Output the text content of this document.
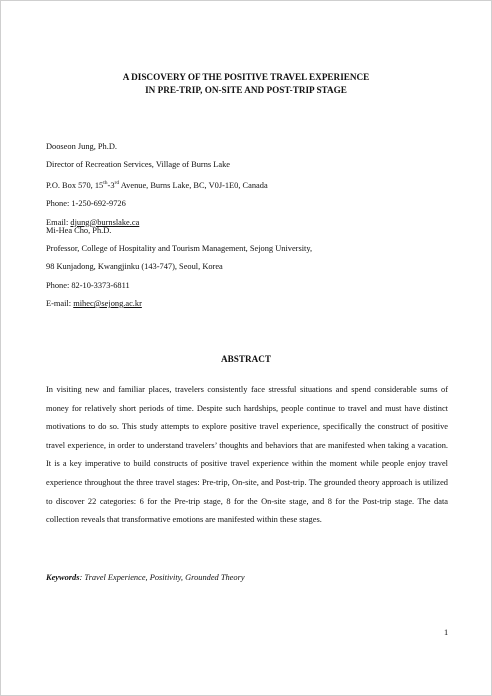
A DISCOVERY OF THE POSITIVE TRAVEL EXPERIENCE
IN PRE-TRIP, ON-SITE AND POST-TRIP STAGE
Dooseon Jung, Ph.D.
Director of Recreation Services, Village of Burns Lake
P.O. Box 570, 15th-3rd Avenue, Burns Lake, BC, V0J-1E0, Canada
Phone: 1-250-692-9726
Email: djung@burnslake.ca
Mi-Hea Cho, Ph.D.
Professor, College of Hospitality and Tourism Management, Sejong University,
98 Kunjadong, Kwangjinku (143-747), Seoul, Korea
Phone: 82-10-3373-6811
E-mail: mihec@sejong.ac.kr
ABSTRACT
In visiting new and familiar places, travelers consistently face stressful situations and spend considerable sums of money for relatively short periods of time. Despite such hardships, people continue to travel and must have distinct motivations to do so. This study attempts to explore positive travel experience, specifically the construct of positive travel experience, in order to understand travelers’ thoughts and behaviors that are manifested when taking a vacation. It is a key imperative to build constructs of positive travel experience within the moment while people enjoy travel experience throughout the three travel stages: Pre-trip, On-site, and Post-trip. The grounded theory approach is utilized to discover 22 categories: 6 for the Pre-trip stage, 8 for the On-site stage, and 8 for the Post-trip stage. The data collection reveals that transformative emotions are manifested within these stages.
Keywords: Travel Experience, Positivity, Grounded Theory
1
